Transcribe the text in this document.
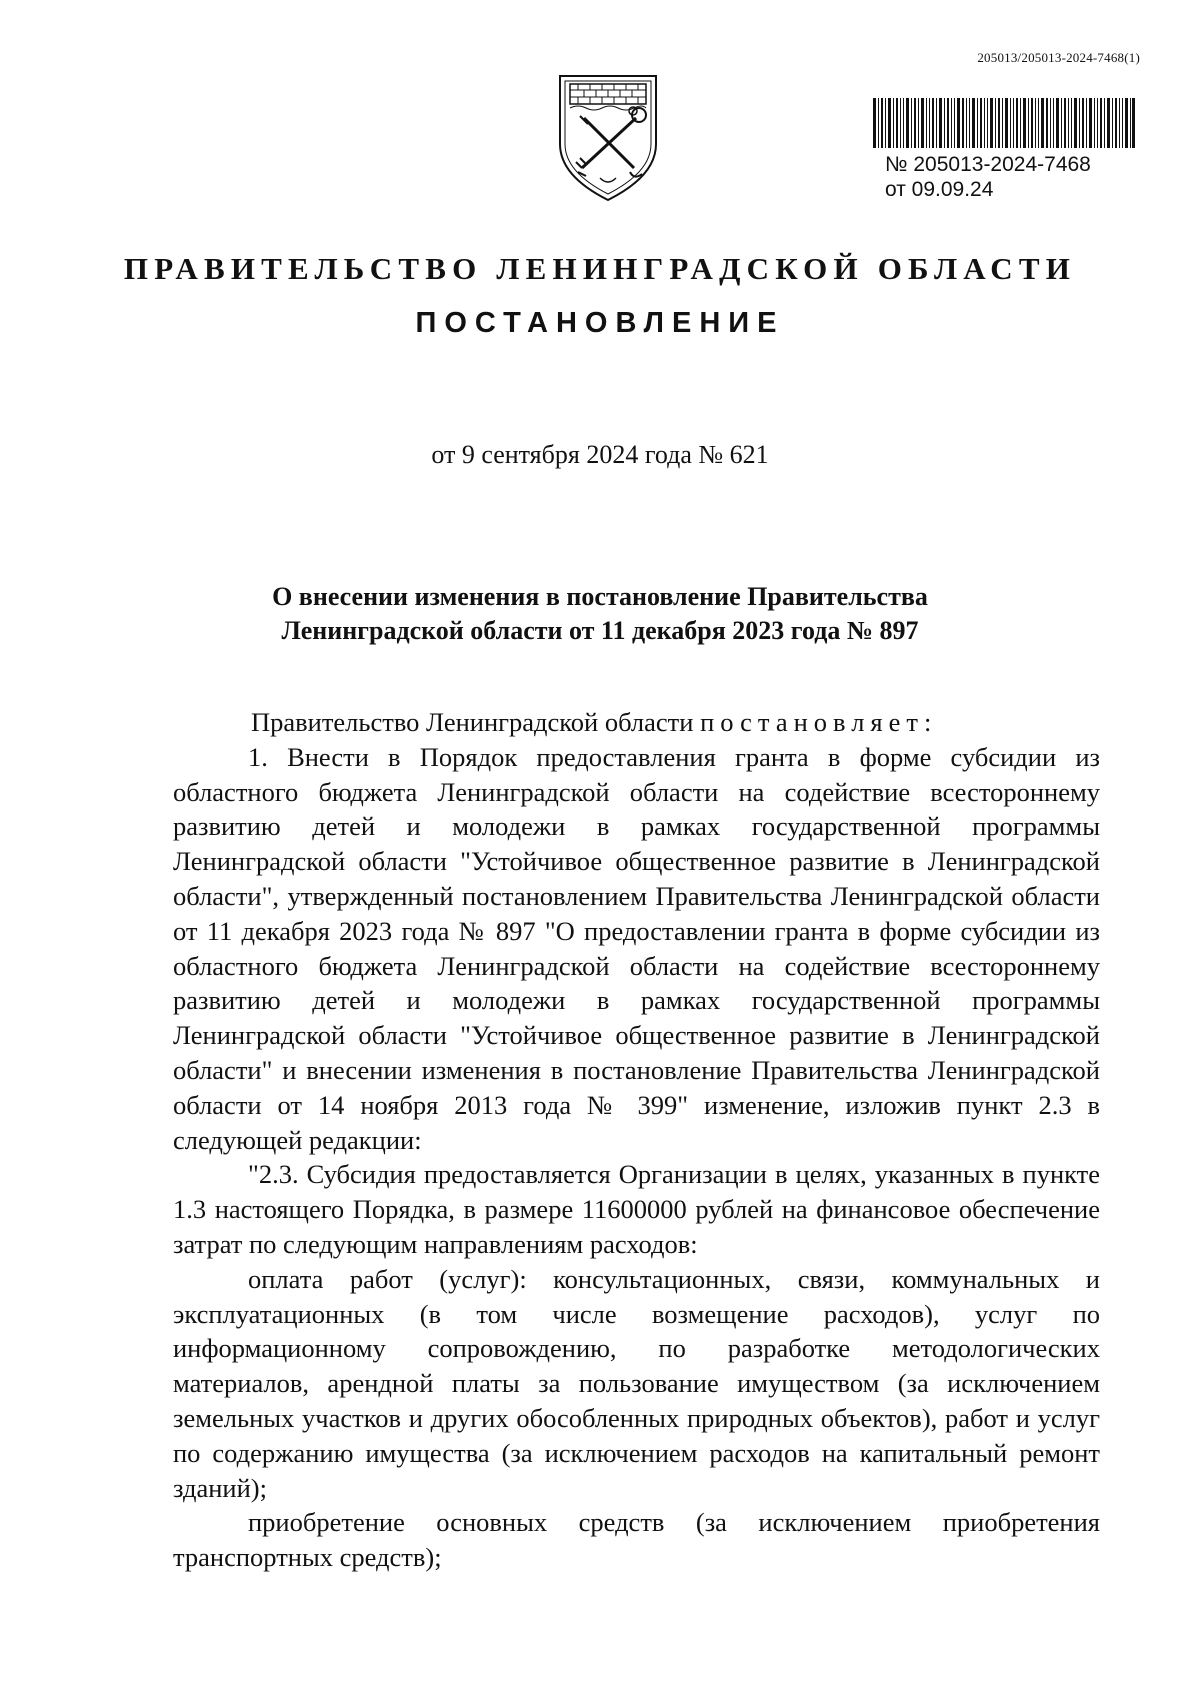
205013/205013-2024-7468(1)
№ 205013-2024-7468
от 09.09.24
ПРАВИТЕЛЬСТВО ЛЕНИНГРАДСКОЙ ОБЛАСТИ
ПОСТАНОВЛЕНИЕ
от 9 сентября 2024 года № 621
О внесении изменения в постановление Правительства
Ленинградской области от 11 декабря 2023 года № 897

Правительство Ленинградской области постановляет:

1. Внести в Порядок предоставления гранта в форме субсидии из областного бюджета Ленинградской области на содействие всестороннему развитию детей и молодежи в рамках государственной программы Ленинградской области "Устойчивое общественное развитие в Ленинградской области", утвержденный постановлением Правительства Ленинградской области от 11 декабря 2023 года № 897 "О предоставлении гранта в форме субсидии из областного бюджета Ленинградской области на содействие всестороннему развитию детей и молодежи в рамках государственной программы Ленинградской области "Устойчивое общественное развитие в Ленинградской области" и внесении изменения в постановление Правительства Ленинградской области от 14 ноября 2013 года № 399" изменение, изложив пункт 2.3 в следующей редакции:

"2.3. Субсидия предоставляется Организации в целях, указанных в пункте 1.3 настоящего Порядка, в размере 11600000 рублей на финансовое обеспечение затрат по следующим направлениям расходов:

оплата работ (услуг): консультационных, связи, коммунальных и эксплуатационных (в том числе возмещение расходов), услуг по информационному сопровождению, по разработке методологических материалов, арендной платы за пользование имуществом (за исключением земельных участков и других обособленных природных объектов), работ и услуг по содержанию имущества (за исключением расходов на капитальный ремонт зданий);

приобретение основных средств (за исключением приобретения транспортных средств);
